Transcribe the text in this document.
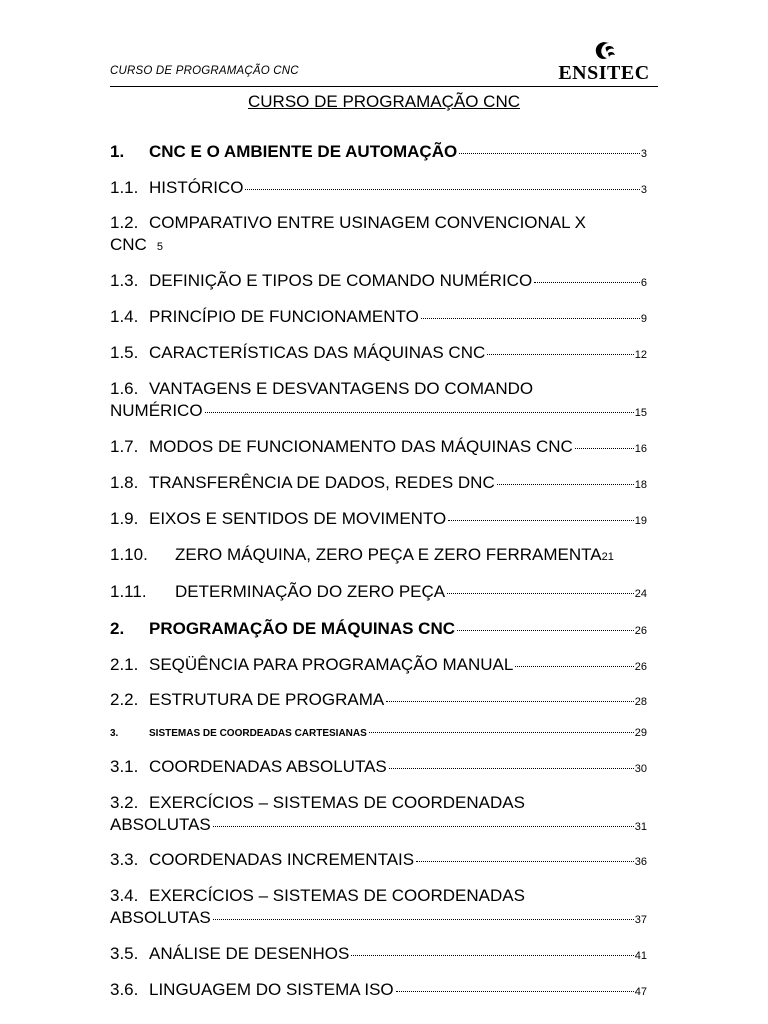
CURSO DE PROGRAMAÇÃO CNC	ENSITEC
CURSO DE PROGRAMAÇÃO CNC
1.	CNC E O AMBIENTE DE AUTOMAÇÃO	3
1.1. HISTÓRICO	3
1.2. COMPARATIVO ENTRE USINAGEM CONVENCIONAL X
CNC 5
1.3. DEFINIÇÃO E TIPOS DE COMANDO NUMÉRICO	6
1.4. PRINCÍPIO DE FUNCIONAMENTO	9
1.5. CARACTERÍSTICAS DAS MÁQUINAS CNC	12
1.6. VANTAGENS E DESVANTAGENS DO COMANDO
NUMÉRICO	15
1.7. MODOS DE FUNCIONAMENTO DAS MÁQUINAS CNC	16
1.8. TRANSFERÊNCIA DE DADOS, REDES DNC	18
1.9. EIXOS E SENTIDOS DE MOVIMENTO	19
1.10.	ZERO MÁQUINA, ZERO PEÇA E ZERO FERRAMENTA 21
1.11.	DETERMINAÇÃO DO ZERO PEÇA	24
2.	PROGRAMAÇÃO DE MÁQUINAS CNC	26
2.1. SEQÜÊNCIA PARA PROGRAMAÇÃO MANUAL	26
2.2. ESTRUTURA DE PROGRAMA	28
3.	SISTEMAS DE COORDEADAS CARTESIANAS	29
3.1. COORDENADAS ABSOLUTAS	30
3.2. EXERCÍCIOS – SISTEMAS DE COORDENADAS
ABSOLUTAS	31
3.3. COORDENADAS INCREMENTAIS	36
3.4. EXERCÍCIOS – SISTEMAS DE COORDENADAS
ABSOLUTAS	37
3.5. ANÁLISE DE DESENHOS	41
3.6. LINGUAGEM DO SISTEMA ISO	47
